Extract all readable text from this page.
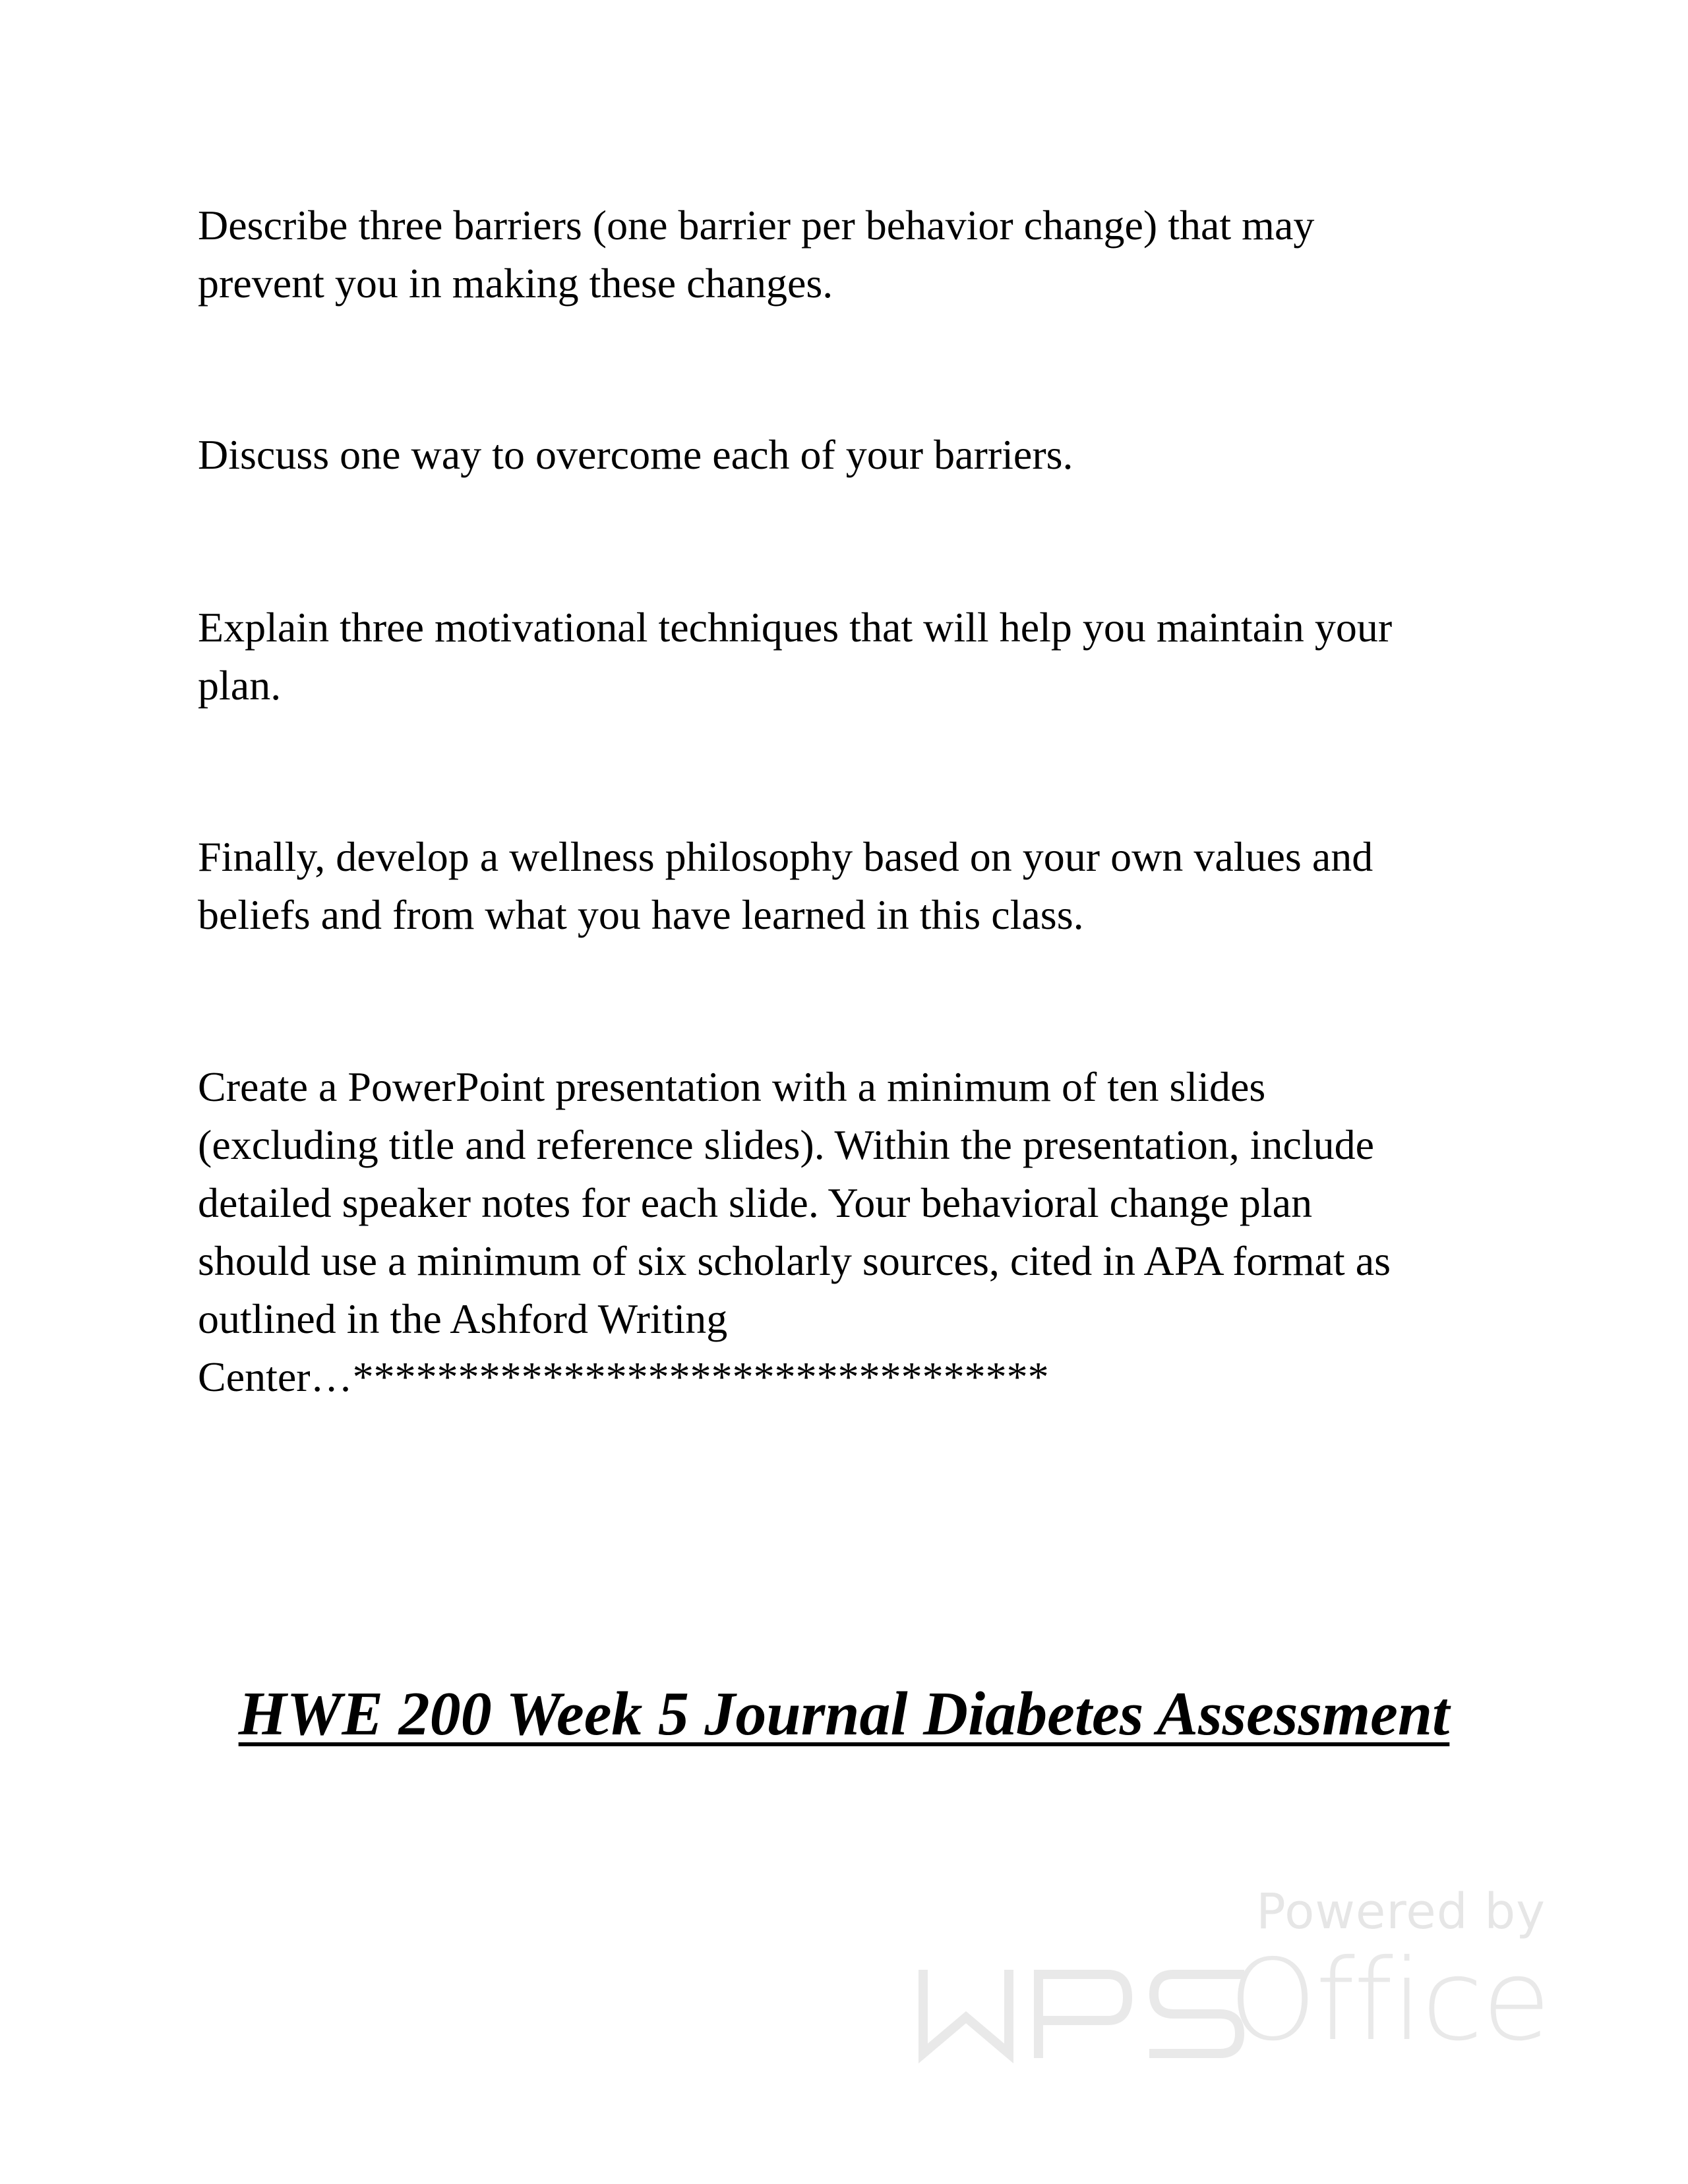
Describe three barriers (one barrier per behavior change) that may
prevent you in making these changes.

Discuss one way to overcome each of your barriers.

Explain three motivational techniques that will help you maintain your
plan.

Finally, develop a wellness philosophy based on your own values and
beliefs and from what you have learned in this class.

Create a PowerPoint presentation with a minimum of ten slides
(excluding title and reference slides). Within the presentation, include
detailed speaker notes for each slide. Your behavioral change plan
should use a minimum of six scholarly sources, cited in APA format as
outlined in the Ashford Writing
Center…*********************************

HWE 200 Week 5 Journal Diabetes Assessment
Powered by
Office
